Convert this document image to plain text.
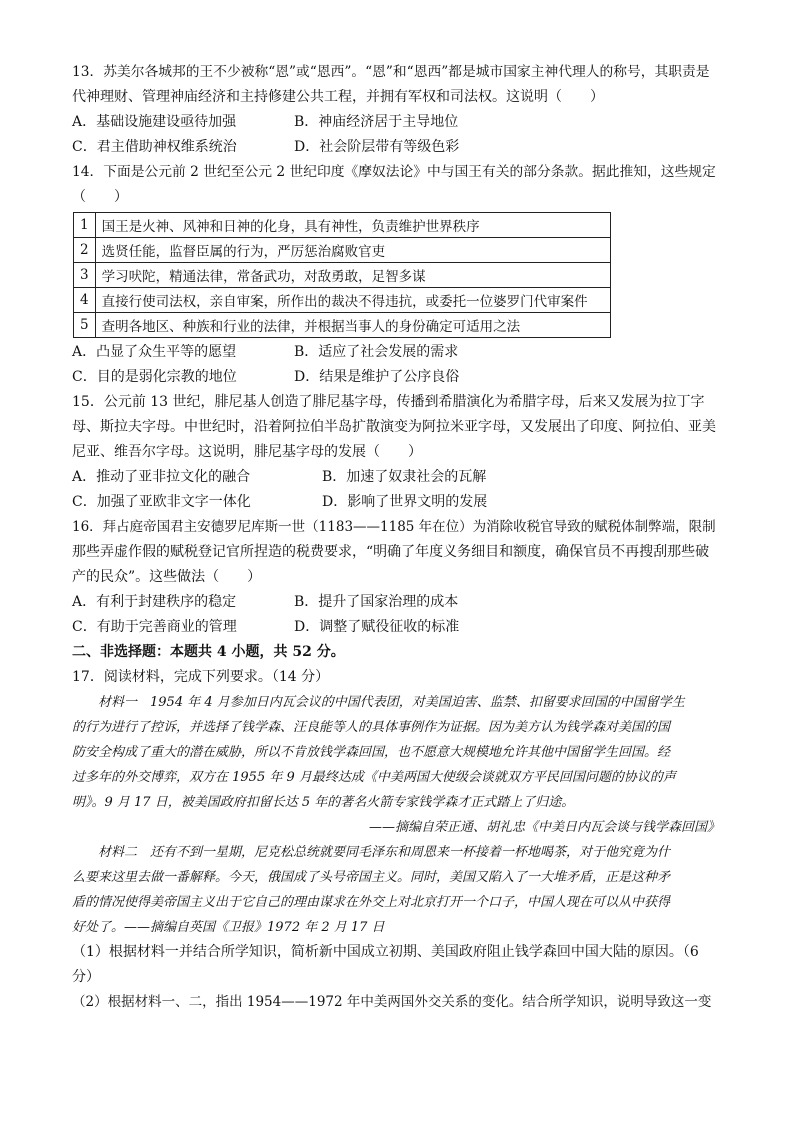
13．苏美尔各城邦的王不少被称“恩”或“恩西”。“恩”和“恩西”都是城市国家主神代理人的称号，其职责是
代神理财、管理神庙经济和主持修建公共工程，并拥有军权和司法权。这说明（　　）
A．基础设施建设亟待加强	B．神庙经济居于主导地位
C．君主借助神权维系统治	D．社会阶层带有等级色彩
14．下面是公元前 2 世纪至公元 2 世纪印度《摩奴法论》中与国王有关的部分条款。据此推知，这些规定
（　　）
1	国王是火神、风神和日神的化身，具有神性，负责维护世界秩序
2	选贤任能，监督臣属的行为，严厉惩治腐败官吏
3	学习吠陀，精通法律，常备武功，对敌勇敢，足智多谋
4	直接行使司法权，亲自审案，所作出的裁决不得违抗，或委托一位婆罗门代审案件
5	查明各地区、种族和行业的法律，并根据当事人的身份确定可适用之法
A．凸显了众生平等的愿望	B．适应了社会发展的需求
C．目的是弱化宗教的地位	D．结果是维护了公序良俗
15．公元前 13 世纪，腓尼基人创造了腓尼基字母，传播到希腊演化为希腊字母，后来又发展为拉丁字
母、斯拉夫字母。中世纪时，沿着阿拉伯半岛扩散演变为阿拉米亚字母，又发展出了印度、阿拉伯、亚美
尼亚、维吾尔字母。这说明，腓尼基字母的发展（　　）
A．推动了亚非拉文化的融合	B．加速了奴隶社会的瓦解
C．加强了亚欧非文字一体化	D．影响了世界文明的发展
16．拜占庭帝国君主安德罗尼库斯一世（1183——1185 年在位）为消除收税官导致的赋税体制弊端，限制
那些弄虚作假的赋税登记官所捏造的税费要求，“明确了年度义务细目和额度，确保官员不再搜刮那些破
产的民众”。这些做法（　　）
A．有利于封建秩序的稳定	B．提升了国家治理的成本
C．有助于完善商业的管理	D．调整了赋役征收的标准
二、非选择题：本题共 4 小题，共 52 分。
17．阅读材料，完成下列要求。（14 分）
材料一　1954 年 4 月参加日内瓦会议的中国代表团，对美国迫害、监禁、扣留要求回国的中国留学生
的行为进行了控诉，并选择了钱学森、汪良能等人的具体事例作为证据。因为美方认为钱学森对美国的国
防安全构成了重大的潜在威胁，所以不肯放钱学森回国，也不愿意大规模地允许其他中国留学生回国。经
过多年的外交博弈，双方在 1955 年 9 月最终达成《中美两国大使级会谈就双方平民回国问题的协议的声
明》。9 月 17 日，被美国政府扣留长达 5 年的著名火箭专家钱学森才正式踏上了归途。
——摘编自荣正通、胡礼忠《中美日内瓦会谈与钱学森回国》
材料二　还有不到一星期，尼克松总统就要同毛泽东和周恩来一杯接着一杯地喝茶，对于他究竟为什
么要来这里去做一番解释。今天，俄国成了头号帝国主义。同时，美国又陷入了一大堆矛盾，正是这种矛
盾的情况使得美帝国主义出于它自己的理由谋求在外交上对北京打开一个口子，中国人现在可以从中获得
好处了。——摘编自英国《卫报》1972 年 2 月 17 日
（1）根据材料一并结合所学知识，简析新中国成立初期、美国政府阻止钱学森回中国大陆的原因。（6
分）
（2）根据材料一、二，指出 1954——1972 年中美两国外交关系的变化。结合所学知识，说明导致这一变
